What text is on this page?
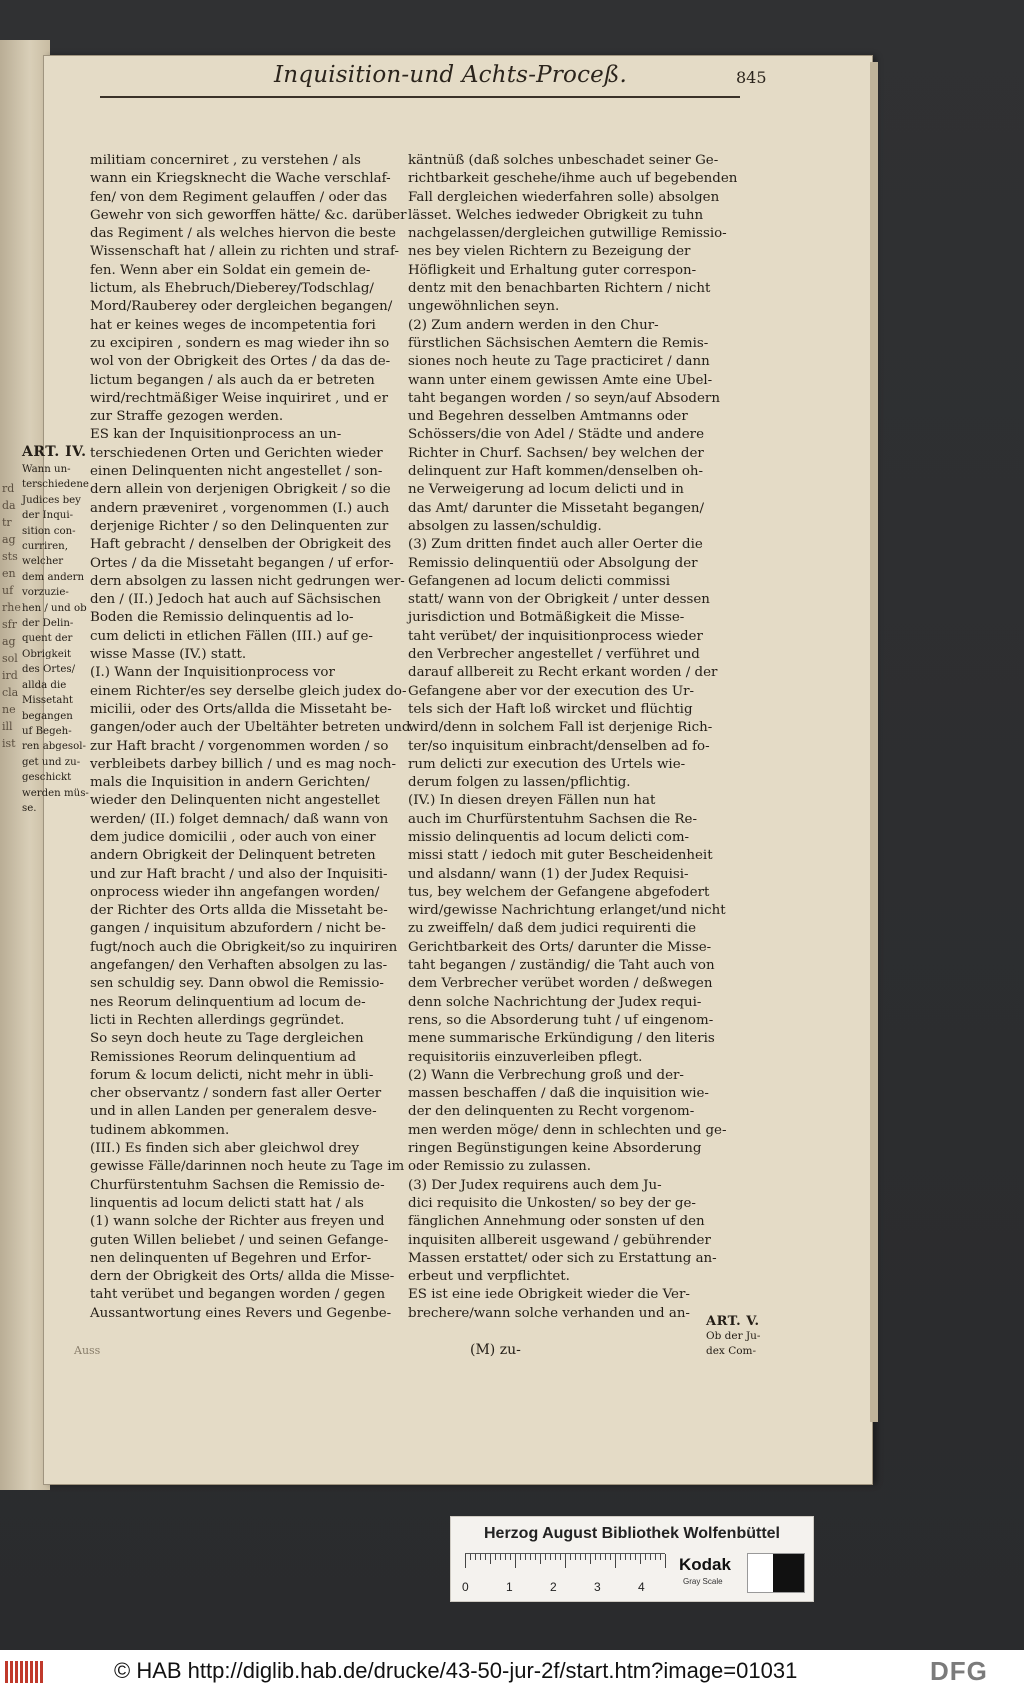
rd
da
tr
ag
sts
en
uf
rhe
sfr
ag
sol
ird
cla
ne
ill
ist
Inquisition-und Achts-Proceß.	845
militiam concerniret , zu verstehen / als
wann ein Kriegsknecht die Wache verschlaf-
fen/ von dem Regiment gelauffen / oder das
Gewehr von sich geworffen hätte/ &c. darüber
das Regiment / als welches hiervon die beste
Wissenschaft hat / allein zu richten und straf-
fen. Wenn aber ein Soldat ein gemein de-
lictum, als Ehebruch/Dieberey/Todschlag/
Mord/Rauberey oder dergleichen begangen/
hat er keines weges de incompetentia fori
zu excipiren , sondern es mag wieder ihn so
wol von der Obrigkeit des Ortes / da das de-
lictum begangen / als auch da er betreten
wird/rechtmäßiger Weise inquiriret , und er
zur Straffe gezogen werden.
ES kan der Inquisitionprocess an un-
terschiedenen Orten und Gerichten wieder
einen Delinquenten nicht angestellet / son-
dern allein von derjenigen Obrigkeit / so die
andern præveniret , vorgenommen (I.) auch
derjenige Richter / so den Delinquenten zur
Haft gebracht / denselben der Obrigkeit des
Ortes / da die Missetaht begangen / uf erfor-
dern absolgen zu lassen nicht gedrungen wer-
den / (II.) Jedoch hat auch auf Sächsischen
Boden die Remissio delinquentis ad lo-
cum delicti in etlichen Fällen (III.) auf ge-
wisse Masse (IV.) statt.
(I.) Wann der Inquisitionprocess vor
einem Richter/es sey derselbe gleich judex do-
micilii, oder des Orts/allda die Missetaht be-
gangen/oder auch der Ubeltähter betreten und
zur Haft bracht / vorgenommen worden / so
verbleibets darbey billich / und es mag noch-
mals die Inquisition in andern Gerichten/
wieder den Delinquenten nicht angestellet
werden/ (II.) folget demnach/ daß wann von
dem judice domicilii , oder auch von einer
andern Obrigkeit der Delinquent betreten
und zur Haft bracht / und also der Inquisiti-
onprocess wieder ihn angefangen worden/
der Richter des Orts allda die Missetaht be-
gangen / inquisitum abzufordern / nicht be-
fugt/noch auch die Obrigkeit/so zu inquiriren
angefangen/ den Verhaften absolgen zu las-
sen schuldig sey. Dann obwol die Remissio-
nes Reorum delinquentium ad locum de-
licti in Rechten allerdings gegründet.
So seyn doch heute zu Tage dergleichen
Remissiones Reorum delinquentium ad
forum & locum delicti, nicht mehr in übli-
cher observantz / sondern fast aller Oerter
und in allen Landen per generalem desve-
tudinem abkommen.
(III.) Es finden sich aber gleichwol drey
gewisse Fälle/darinnen noch heute zu Tage im
Churfürstentuhm Sachsen die Remissio de-
linquentis ad locum delicti statt hat / als
(1) wann solche der Richter aus freyen und
guten Willen beliebet / und seinen Gefange-
nen delinquenten uf Begehren und Erfor-
dern der Obrigkeit des Orts/ allda die Misse-
taht verübet und begangen worden / gegen
Aussantwortung eines Revers und Gegenbe-
käntnüß (daß solches unbeschadet seiner Ge-
richtbarkeit geschehe/ihme auch uf begebenden
Fall dergleichen wiederfahren solle) absolgen
lässet. Welches iedweder Obrigkeit zu tuhn
nachgelassen/dergleichen gutwillige Remissio-
nes bey vielen Richtern zu Bezeigung der
Höfligkeit und Erhaltung guter correspon-
dentz mit den benachbarten Richtern / nicht
ungewöhnlichen seyn.
(2) Zum andern werden in den Chur-
fürstlichen Sächsischen Aemtern die Remis-
siones noch heute zu Tage practiciret / dann
wann unter einem gewissen Amte eine Ubel-
taht begangen worden / so seyn/auf Absodern
und Begehren desselben Amtmanns oder
Schössers/die von Adel / Städte und andere
Richter in Churf. Sachsen/ bey welchen der
delinquent zur Haft kommen/denselben oh-
ne Verweigerung ad locum delicti und in
das Amt/ darunter die Missetaht begangen/
absolgen zu lassen/schuldig.
(3) Zum dritten findet auch aller Oerter die
Remissio delinquentiü oder Absolgung der
Gefangenen ad locum delicti commissi
statt/ wann von der Obrigkeit / unter dessen
jurisdiction und Botmäßigkeit die Misse-
taht verübet/ der inquisitionprocess wieder
den Verbrecher angestellet / verführet und
darauf allbereit zu Recht erkant worden / der
Gefangene aber vor der execution des Ur-
tels sich der Haft loß wircket und flüchtig
wird/denn in solchem Fall ist derjenige Rich-
ter/so inquisitum einbracht/denselben ad fo-
rum delicti zur execution des Urtels wie-
derum folgen zu lassen/pflichtig.
(IV.) In diesen dreyen Fällen nun hat
auch im Churfürstentuhm Sachsen die Re-
missio delinquentis ad locum delicti com-
missi statt / iedoch mit guter Bescheidenheit
und alsdann/ wann (1) der Judex Requisi-
tus, bey welchem der Gefangene abgefodert
wird/gewisse Nachrichtung erlanget/und nicht
zu zweiffeln/ daß dem judici requirenti die
Gerichtbarkeit des Orts/ darunter die Misse-
taht begangen / zuständig/ die Taht auch von
dem Verbrecher verübet worden / deßwegen
denn solche Nachrichtung der Judex requi-
rens, so die Absorderung tuht / uf eingenom-
mene summarische Erkündigung / den literis
requisitoriis einzuverleiben pflegt.
(2) Wann die Verbrechung groß und der-
massen beschaffen / daß die inquisition wie-
der den delinquenten zu Recht vorgenom-
men werden möge/ denn in schlechten und ge-
ringen Begünstigungen keine Absorderung
oder Remissio zu zulassen.
(3) Der Judex requirens auch dem Ju-
dici requisito die Unkosten/ so bey der ge-
fänglichen Annehmung oder sonsten uf den
inquisiten allbereit usgewand / gebührender
Massen erstattet/ oder sich zu Erstattung an-
erbeut und verpflichtet.
ES ist eine iede Obrigkeit wieder die Ver-
brechere/wann solche verhanden und an-
ART. IV.
Wann un-
terschiedene
Judices bey
der Inqui-
sition con-
curriren,
welcher
dem andern
vorzuzie-
hen / und ob
der Delin-
quent der
Obrigkeit
des Ortes/
allda die
Missetaht
begangen
uf Begeh-
ren abgesol-
get und zu-
geschickt
werden müs-
se.
ART. V.
Ob der Ju-
dex Com-
(M) zu-
Auss
Herzog August Bibliothek Wolfenbüttel
0	1	2	3	4
Kodak
Gray Scale
© HAB http://diglib.hab.de/drucke/43-50-jur-2f/start.htm?image=01031	DFG
